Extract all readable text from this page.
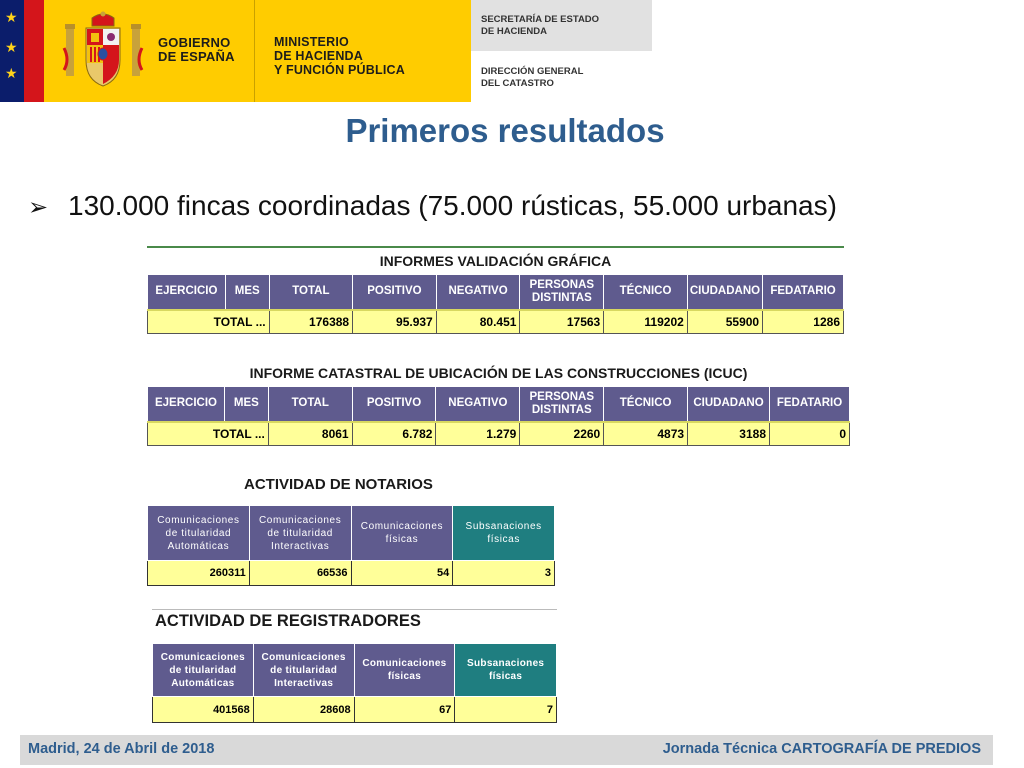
★
★
★
GOBIERNO
DE ESPAÑA
MINISTERIO
DE HACIENDA
Y FUNCIÓN PÚBLICA
SECRETARÍA DE ESTADO
DE HACIENDA
DIRECCIÓN GENERAL
DEL CATASTRO
Primeros resultados
➢ 130.000 fincas coordinadas (75.000 rústicas, 55.000 urbanas)
INFORMES VALIDACIÓN GRÁFICA
EJERCICIO	MES	TOTAL	POSITIVO	NEGATIVO	PERSONAS DISTINTAS	TÉCNICO	CIUDADANO	FEDATARIO
TOTAL ...		176388	95.937	80.451	17563	119202	55900	1286
INFORME CATASTRAL DE UBICACIÓN DE LAS CONSTRUCCIONES (ICUC)
EJERCICIO	MES	TOTAL	POSITIVO	NEGATIVO	PERSONAS DISTINTAS	TÉCNICO	CIUDADANO	FEDATARIO
TOTAL ...		8061	6.782	1.279	2260	4873	3188	0
ACTIVIDAD DE NOTARIOS
Comunicaciones de titularidad Automáticas	Comunicaciones de titularidad Interactivas	Comunicaciones físicas	Subsanaciones físicas
260311	66536	54	3
ACTIVIDAD DE REGISTRADORES
Comunicaciones de titularidad Automáticas	Comunicaciones de titularidad Interactivas	Comunicaciones físicas	Subsanaciones físicas
401568	28608	67	7
Madrid, 24 de Abril de 2018	Jornada Técnica CARTOGRAFÍA DE PREDIOS
